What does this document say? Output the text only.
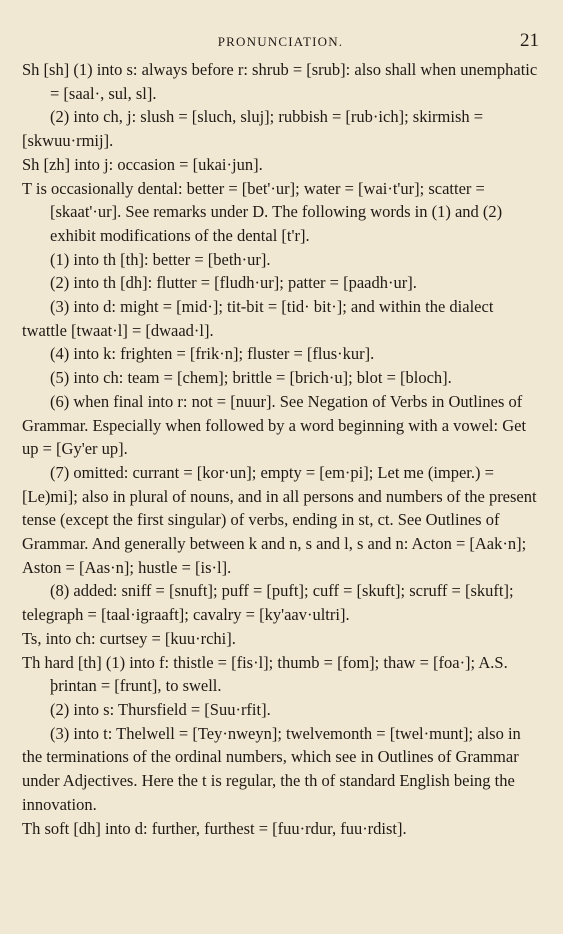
PRONUNCIATION.	21

Sh [sh] (1) into s: always before r: shrub = [srub]: also shall when unemphatic = [saal·, sul, sl].

(2) into ch, j: slush = [sluch, sluj]; rubbish = [rub·ich]; skirmish = [skwuu·rmij].

Sh [zh] into j: occasion = [ukai·jun].

T is occasionally dental: better = [bet'·ur]; water = [wai·t'ur]; scatter = [skaat'·ur]. See remarks under D. The following words in (1) and (2) exhibit modifications of the dental [t'r].

(1) into th [th]: better = [beth·ur].

(2) into th [dh]: flutter = [fludh·ur]; patter = [paadh·ur].

(3) into d: might = [mid·]; tit-bit = [tid· bit·]; and within the dialect twattle [twaat·l] = [dwaad·l].

(4) into k: frighten = [frik·n]; fluster = [flus·kur].

(5) into ch: team = [chem]; brittle = [brich·u]; blot = [bloch].

(6) when final into r: not = [nuur]. See Negation of Verbs in Outlines of Grammar. Especially when followed by a word beginning with a vowel: Get up = [Gy'er up].

(7) omitted: currant = [kor·un]; empty = [em·pi]; Let me (imper.) = [Le)mi]; also in plural of nouns, and in all persons and numbers of the present tense (except the first singular) of verbs, ending in st, ct. See Outlines of Grammar. And generally between k and n, s and l, s and n: Acton = [Aak·n]; Aston = [Aas·n]; hustle = [is·l].

(8) added: sniff = [snuft]; puff = [puft]; cuff = [skuft]; scruff = [skuft]; telegraph = [taal·igraaft]; cavalry = [ky'aav·ultri].

Ts, into ch: curtsey = [kuu·rchi].

Th hard [th] (1) into f: thistle = [fis·l]; thumb = [fom]; thaw = [foa·]; A.S. þrintan = [frunt], to swell.

(2) into s: Thursfield = [Suu·rfit].

(3) into t: Thelwell = [Tey·nweyn]; twelvemonth = [twel·munt]; also in the terminations of the ordinal numbers, which see in Outlines of Grammar under Adjectives. Here the t is regular, the th of standard English being the innovation.

Th soft [dh] into d: further, furthest = [fuu·rdur, fuu·rdist].
